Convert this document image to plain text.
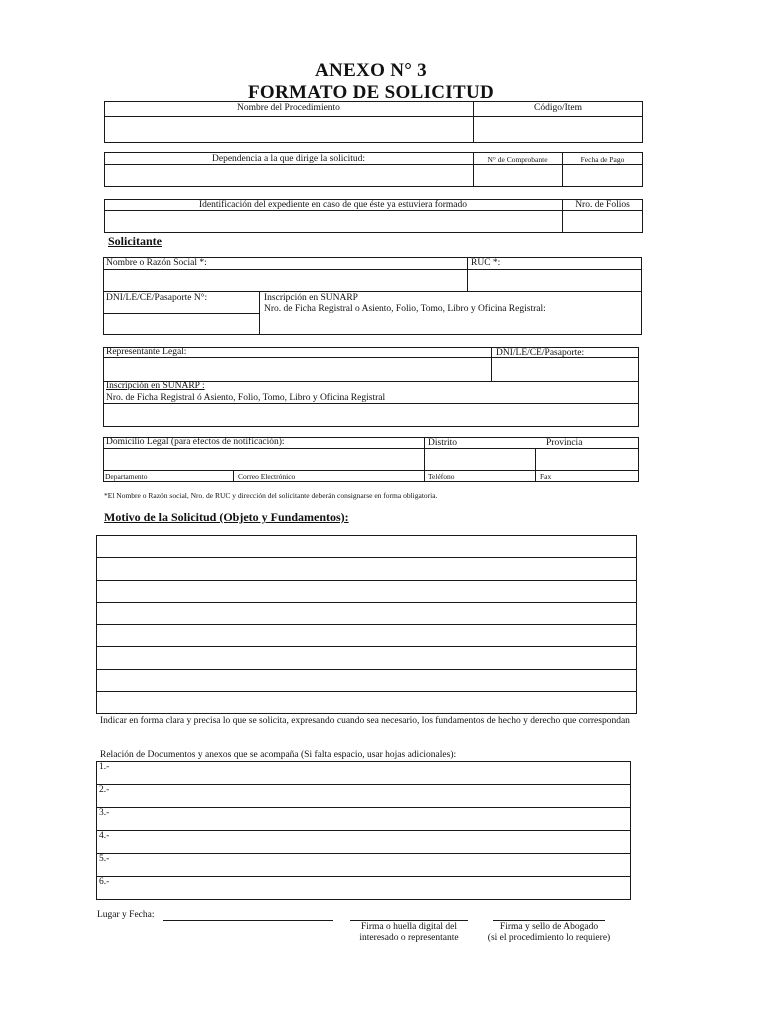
ANEXO N° 3
FORMATO DE SOLICITUD
Nombre del Procedimiento	Código/Item
Dependencia a la que dirige la solicitud:	N° de Comprobante	Fecha de Pago
Identificación del expediente en caso de que éste ya estuviera formado	Nro. de Folios
Solicitante
Nombre o Razón Social *:	RUC *:
DNI/LE/CE/Pasaporte N°:	Inscripción en SUNARP
Nro. de Ficha Registral o Asiento, Folio, Tomo, Libro y Oficina Registral:
Representante Legal:	DNI/LE/CE/Pasaporte:
Inscripción en SUNARP :
Nro. de Ficha Registral ó Asiento, Folio, Tomo, Libro y Oficina Registral
Domicilio Legal (para efectos de notificación):	Distrito	Provincia
Departamento	Correo Electrónico	Teléfono	Fax
*El Nombre o Razón social, Nro. de RUC y dirección del solicitante deberán consignarse en forma obligatoria.
Motivo de la Solicitud (Objeto y Fundamentos):
Indicar en forma clara y precisa lo que se solicita, expresando cuando sea necesario, los fundamentos de hecho y derecho que correspondan
Relación de Documentos y anexos que se acompaña (Si falta espacio, usar hojas adicionales):
1.-
2.-
3.-
4.-
5.-
6.-
Lugar y Fecha:
Firma o huella digital del
interesado o representante
Firma y sello de Abogado
(si el procedimiento lo requiere)
